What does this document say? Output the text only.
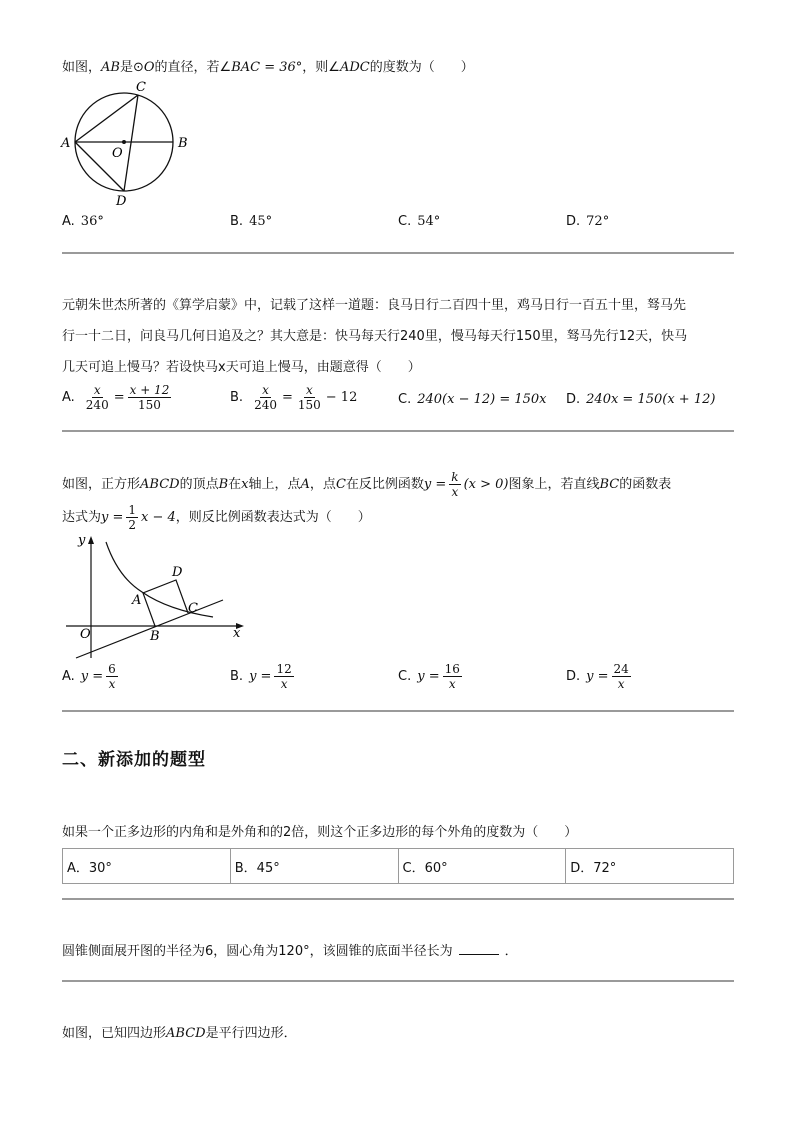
如图，AB是⊙O的直径，若∠BAC = 36°，则∠ADC的度数为（　　）
C
A	B
O
D
A. 36°	B. 45°	C. 54°	D. 72°
元朝朱世杰所著的《算学启蒙》中，记载了这样一道题：良马日行二百四十里，鸡马日行一百五十里，驽马先
行一十二日，问良马几何日追及之？其大意是：快马每天行240里，慢马每天行150里，驽马先行12天，快马
几天可追上慢马？若设快马x天可追上慢马，由题意得（　　）
A. $\frac{x}{240} = \frac{x + 12}{150}$	B. $\frac{x}{240} = \frac{x}{150} - 12$	C. 240(x − 12) = 150x D. 240x = 150(x + 12)
如图，正方形 ABCD 的顶点 B 在 x 轴上，点 A ，点 C 在反比例函数 $y = \frac{k}{x} (x > 0)$ 图象上，若直线 BC 的函数表
达式为 $y = \frac{1}{2}$ x − 4 ，则反比例函数表达式为（　　）
y
x
O
A
B
C
D
A. $y = \frac{6}{x}$	B. $y = \frac{12}{x}$	C. $y = \frac{16}{x}$	D. $y = \frac{24}{x}$
二、新添加的题型
如果一个正多边形的内角和是外角和的2倍，则这个正多边形的每个外角的度数为（　　）
A．30°	B．45°	C．60°	D．72°
圆锥侧面展开图的半径为6，圆心角为120°，该圆锥的底面半径长为	．
如图，已知四边形ABCD是平行四边形．
